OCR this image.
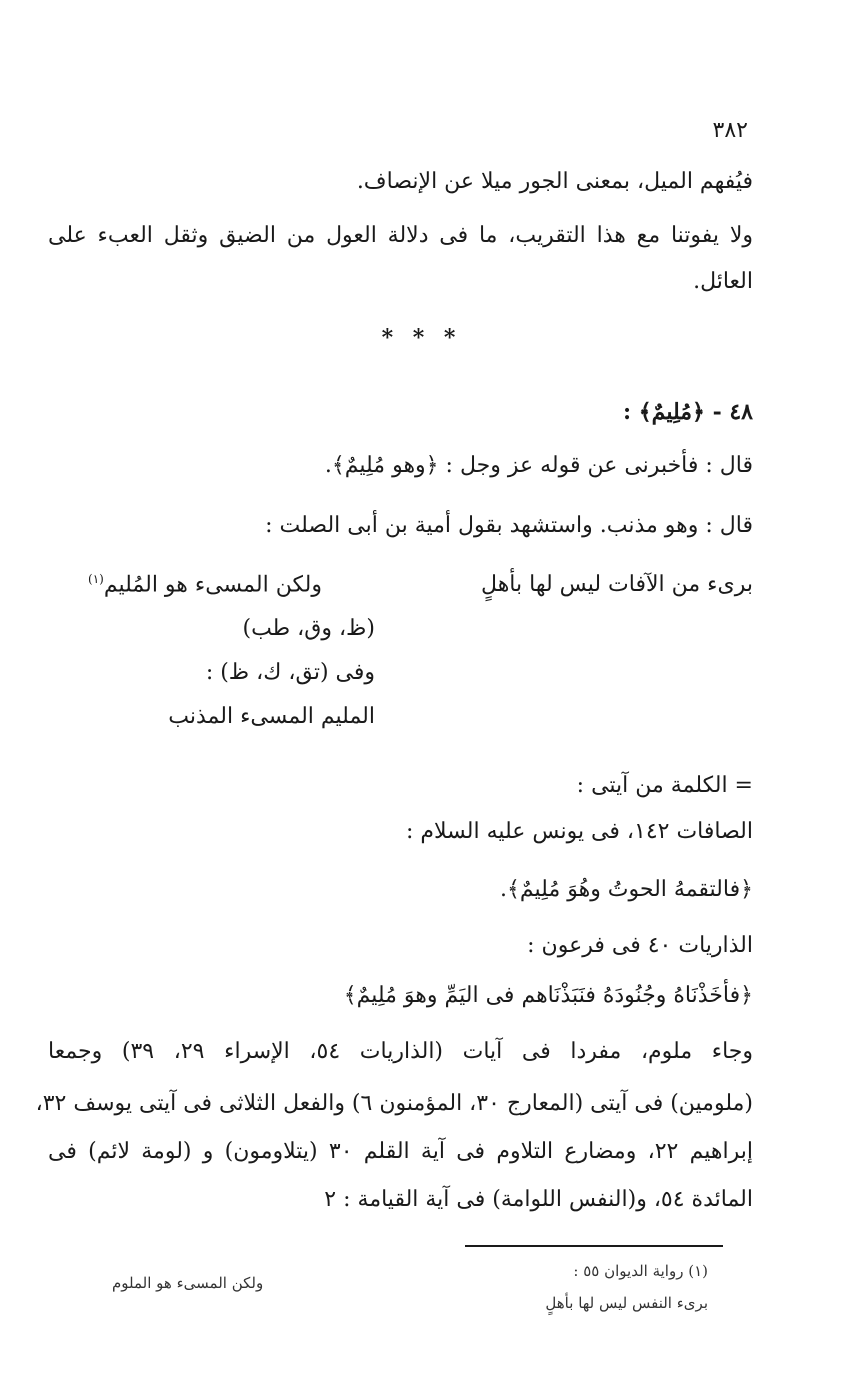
٣٨٢
فيُفهم الميل، بمعنى الجور ميلا عن الإنصاف.
ولا يفوتنا مع هذا التقريب، ما فى دلالة العول من الضيق وثقل العبء على
العائل.
* * *
٤٨ - ﴿مُلِيمٌ﴾ :
قال : فأخبرنى عن قوله عز وجل : ﴿وهو مُلِيمٌ﴾.
قال : وهو مذنب. واستشهد بقول أمية بن أبى الصلت :
برىء من الآفات ليس لها بأهلٍ
ولكن المسىء هو المُليم$^{(١)}$
(ظ، وق، طب)
وفى (تق، ك، ظ) :
المليم المسىء المذنب
= الكلمة من آيتى :
الصافات ١٤٢، فى يونس عليه السلام :
﴿فالتقمهُ الحوتُ وهُوَ مُلِيمٌ﴾.
الذاريات ٤٠ فى فرعون :
﴿فأخَذْنَاهُ وجُنُودَهُ فنَبَذْنَاهم فى اليَمِّ وهوَ مُلِيمٌ﴾
وجاء ملوم، مفردا فى آيات (الذاريات ٥٤، الإسراء ٢٩، ٣٩) وجمعا
(ملومين) فى آيتى (المعارج ٣٠، المؤمنون ٦) والفعل الثلاثى فى آيتى يوسف ٣٢،
إبراهيم ٢٢، ومضارع التلاوم فى آية القلم ٣٠ (يتلاومون) و (لومة لائم) فى
المائدة ٥٤، و(النفس اللوامة) فى آية القيامة : ٢
(١) رواية الديوان ٥٥ :
برىء النفس ليس لها بأهلٍ
ولكن المسىء هو الملوم
